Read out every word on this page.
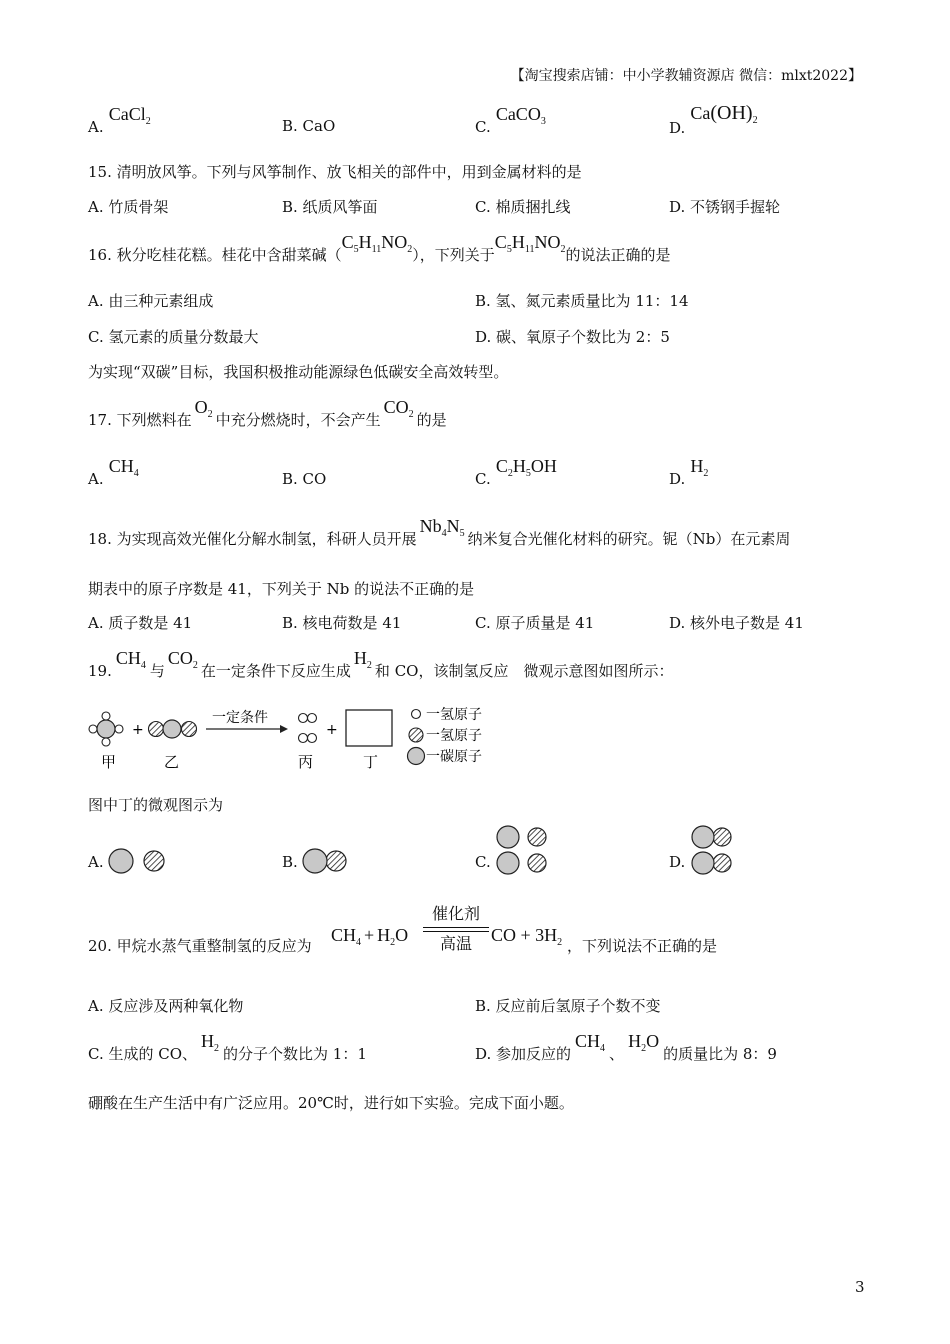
【淘宝搜索店铺：中小学教辅资源店 微信：mlxt2022】
A. CaCl$_2$	B. CaO	C. CaCO$_3$	D. $Ca(OH)_2$
15. 清明放风筝。下列与风筝制作、放飞相关的部件中，用到金属材料的是
A. 竹质骨架	B. 纸质风筝面	C. 棉质捆扎线	D. 不锈钢手握轮
16. 秋分吃桂花糕。桂花中含甜菜碱$(C_5H_{11}NO_2)$，下列关于$C_5H_{11}NO_2$的说法正确的是
A. 由三种元素组成	B. 氢、氮元素质量比为 11：14
C. 氢元素的质量分数最大	D. 碳、氧原子个数比为 2：5
为实现“双碳”目标，我国积极推动能源绿色低碳安全高效转型。
17. 下列燃料在$O_2$ 中充分燃烧时，不会产生$CO_2$ 的是
A. $CH_4$	B. CO	C. $C_2H_5OH$
D. $H_2$
18. 为实现高效光催化分解水制氢，科研人员开展$Nb_4N_5$ 纳米复合光催化材料的研究。铌（Nb）在元素周
期表中的原子序数是 41，下列关于 Nb 的说法不正确的是
A. 质子数是 41	B. 核电荷数是 41	C. 原子质量是 41	D. 核外电子数是 41
$19.CH_4$ 与$CO_2$ 在一定条件下反应生成$H_2$ 和 CO，该制氢反应　微观示意图如图所示：
+
一定条件
+
甲	乙	丙	丁
一氢原子
一氢原子
一碳原子
图中丁的微观图示为
A.	B.	C.	D.
20. 甲烷水蒸气重整制氢的反应为
$CH_4 + H_2O$
催化剂
高温	CO + $3H_2$ ，下列说法不正确的是
A. 反应涉及两种氧化物	B. 反应前后氢原子个数不变
C. 生成的 CO、$H_2$ 的分子个数比为 1：1	D. 参加反应的$CH_4$ 、$H_2O$的质量比为 8：9
硼酸在生产生活中有广泛应用。20℃时，进行如下实验。完成下面小题。
3
